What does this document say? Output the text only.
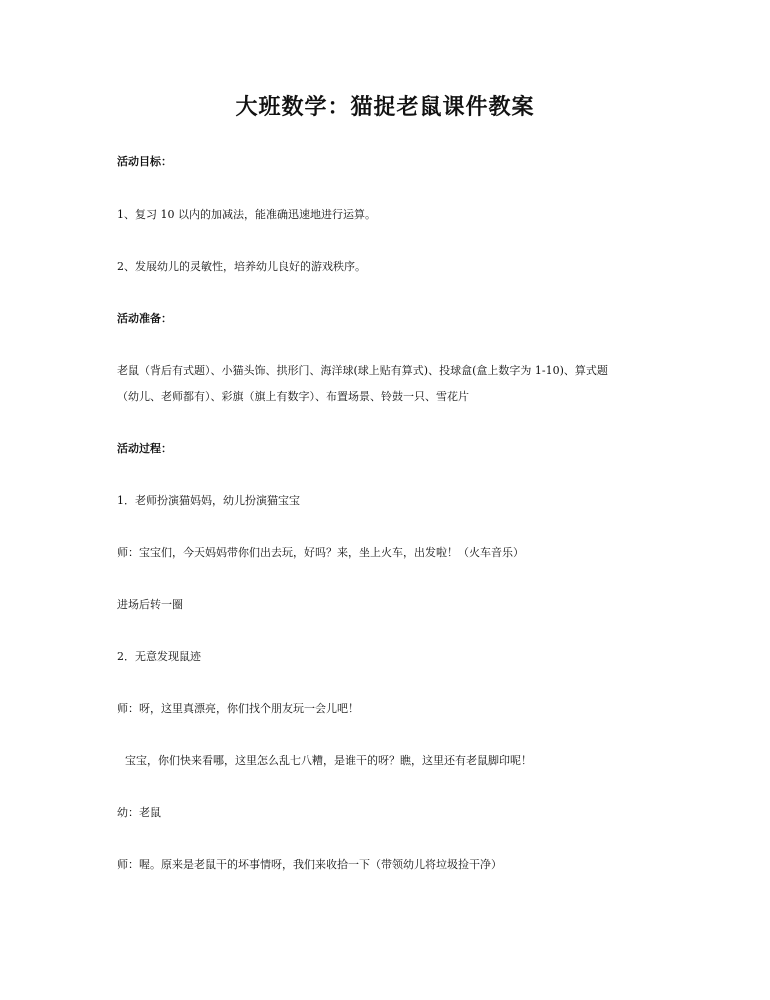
大班数学：猫捉老鼠课件教案

活动目标：

1、复习 10 以内的加减法，能准确迅速地进行运算。

2、发展幼儿的灵敏性，培养幼儿良好的游戏秩序。

活动准备：

老鼠（背后有式题）、小猫头饰、拱形门、海洋球(球上贴有算式)、投球盒(盒上数字为 1-10)、算式题

（幼儿、老师都有）、彩旗（旗上有数字）、布置场景、铃鼓一只、雪花片

活动过程：

1．老师扮演猫妈妈，幼儿扮演猫宝宝

师：宝宝们，今天妈妈带你们出去玩，好吗？来，坐上火车，出发啦！（火车音乐）

进场后转一圈

2．无意发现鼠迹

师：呀，这里真漂亮，你们找个朋友玩一会儿吧！

宝宝，你们快来看哪，这里怎么乱七八糟，是谁干的呀？瞧，这里还有老鼠脚印呢！

幼：老鼠

师：喔。原来是老鼠干的坏事情呀，我们来收拾一下（带领幼儿将垃圾捡干净）
